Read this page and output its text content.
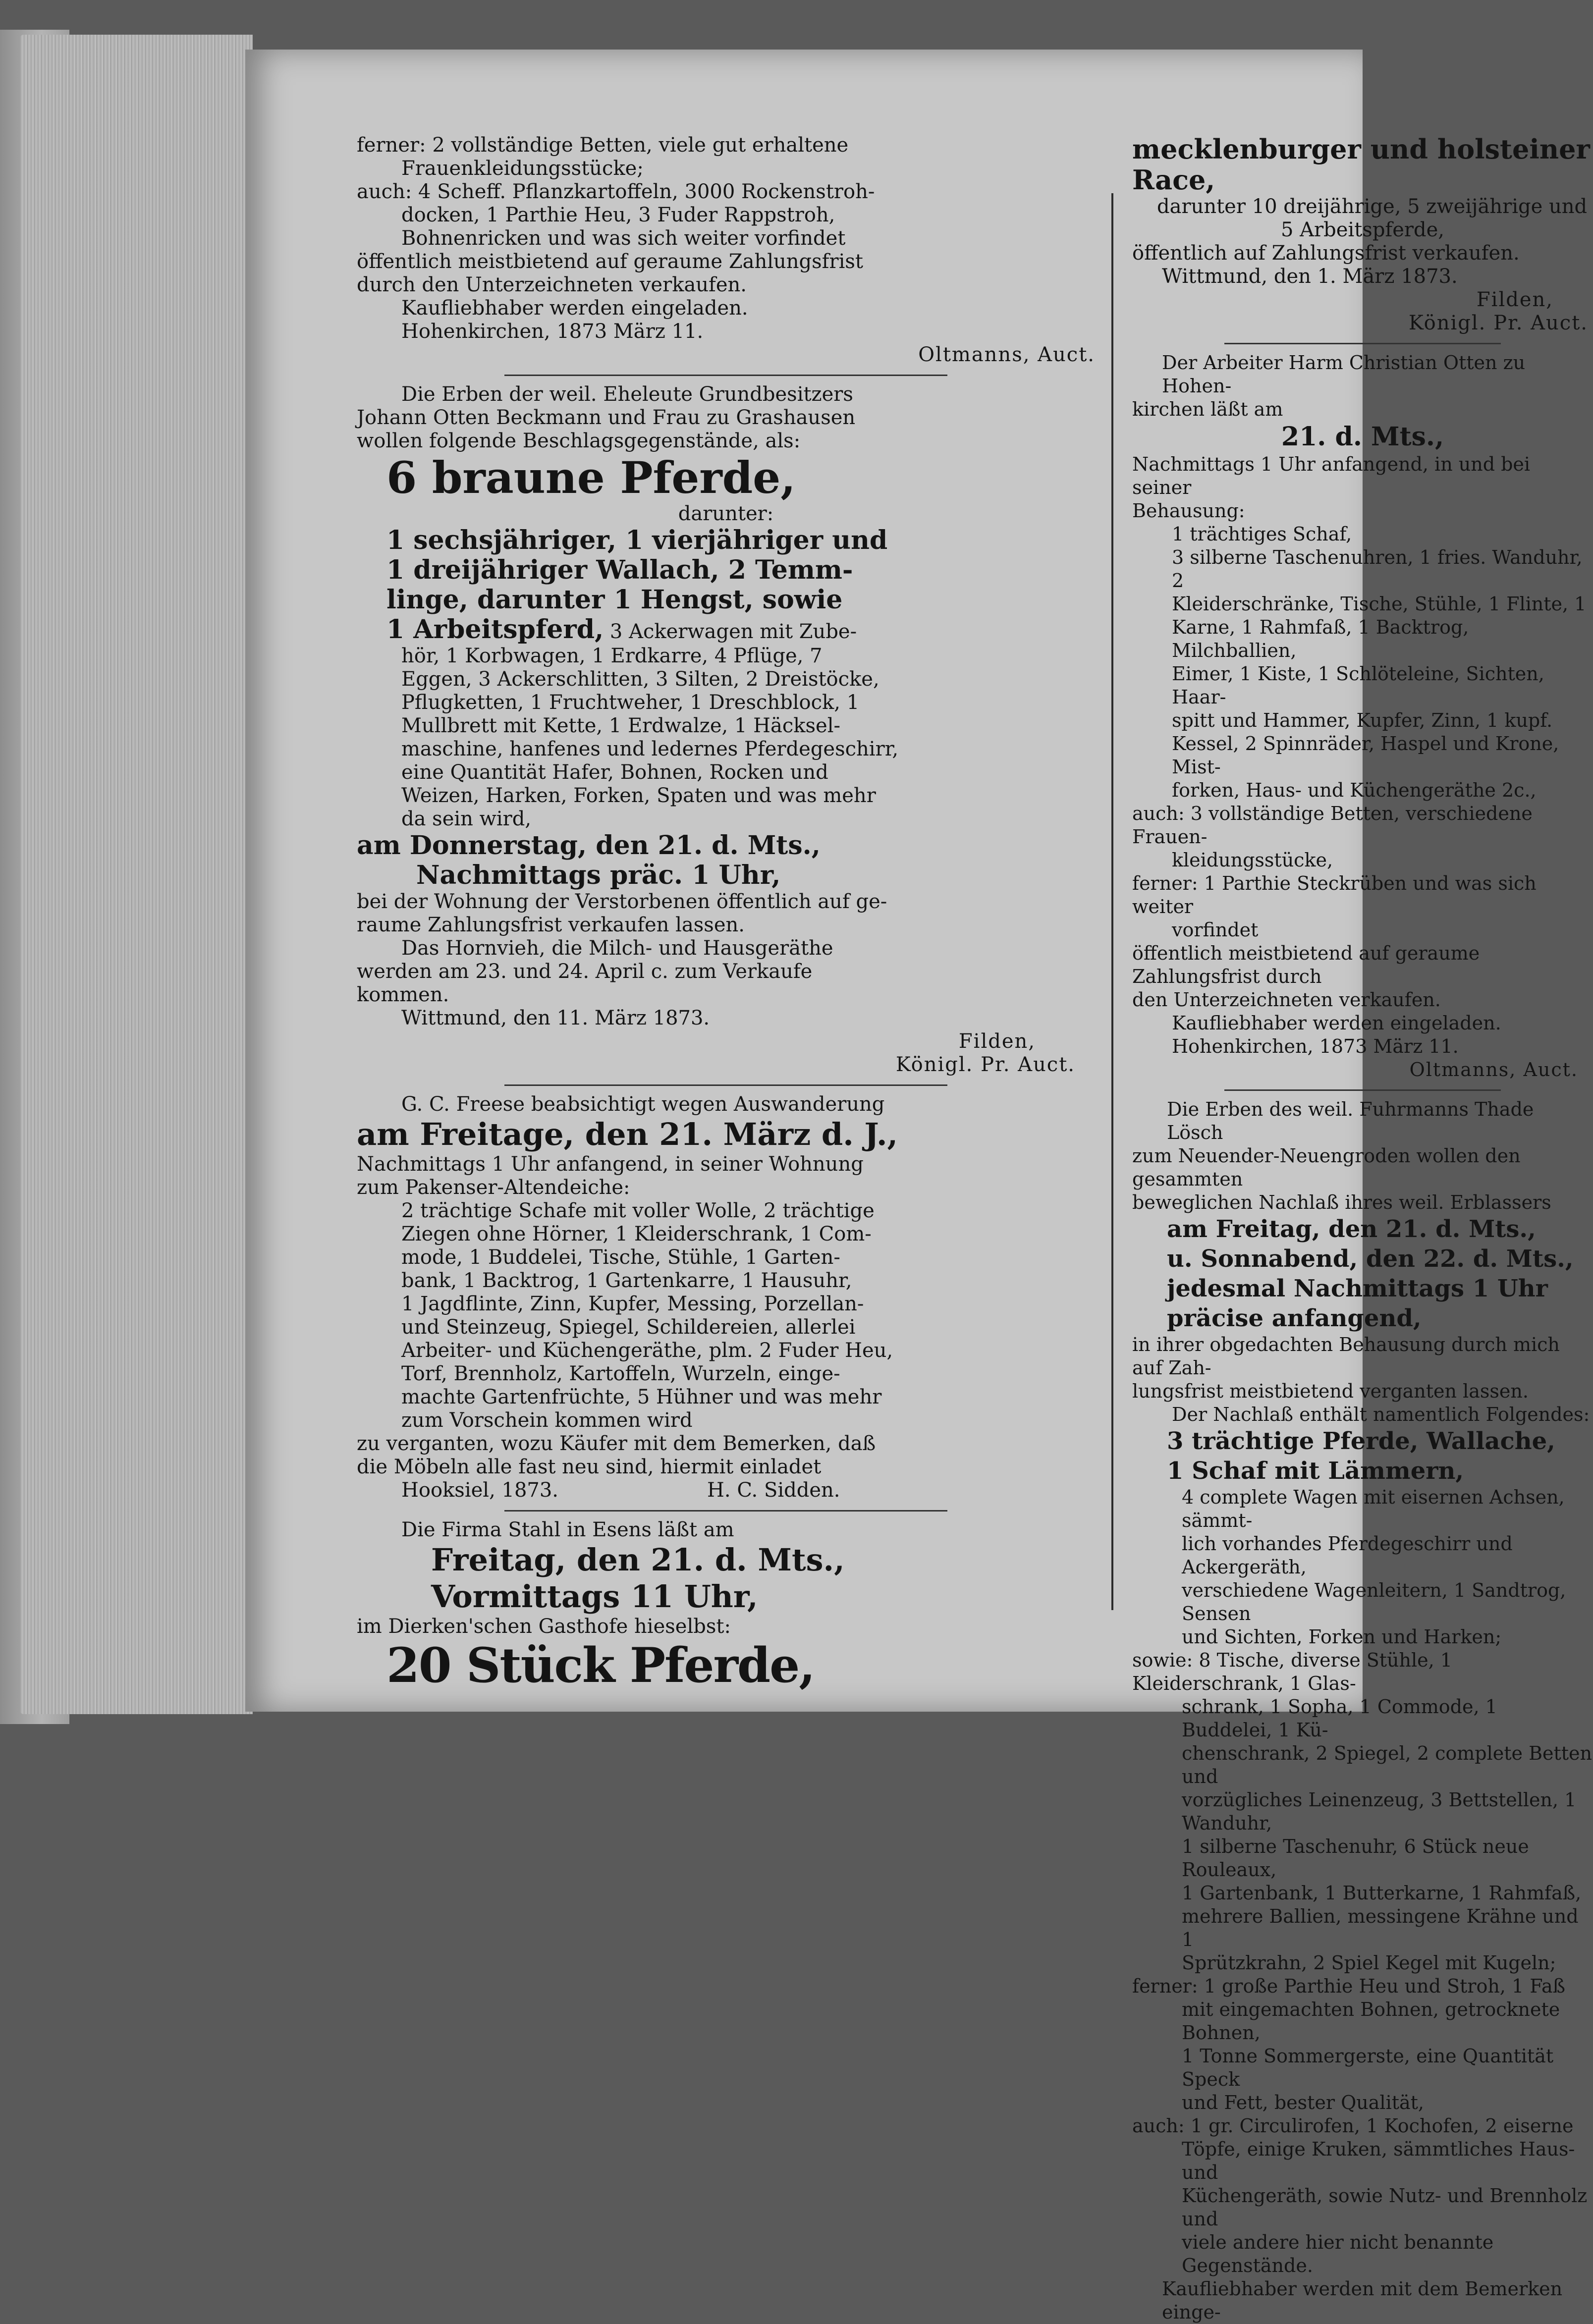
ferner: 2 vollständige Betten, viele gut erhaltene

Frauenkleidungsstücke;

auch: 4 Scheff. Pflanzkartoffeln, 3000 Rockenstroh-

docken, 1 Parthie Heu, 3 Fuder Rappstroh,

Bohnenricken und was sich weiter vorfindet

öffentlich meistbietend auf geraume Zahlungsfrist

durch den Unterzeichneten verkaufen.

Kaufliebhaber werden eingeladen.

Hohenkirchen, 1873 März 11.

Oltmanns, Auct.

Die Erben der weil. Eheleute Grundbesitzers

Johann Otten Beckmann und Frau zu Grashausen

wollen folgende Beschlagsgegenstände, als:

6 braune Pferde,

darunter:

1 sechsjähriger, 1 vierjähriger und

1 dreijähriger Wallach, 2 Temm-

linge, darunter 1 Hengst, sowie

1 Arbeitspferd, 3 Ackerwagen mit Zube-

hör, 1 Korbwagen, 1 Erdkarre, 4 Pflüge, 7

Eggen, 3 Ackerschlitten, 3 Silten, 2 Dreistöcke,

Pflugketten, 1 Fruchtweher, 1 Dreschblock, 1

Mullbrett mit Kette, 1 Erdwalze, 1 Häcksel-

maschine, hanfenes und ledernes Pferdegeschirr,

eine Quantität Hafer, Bohnen, Rocken und

Weizen, Harken, Forken, Spaten und was mehr

da sein wird,

am Donnerstag, den 21. d. Mts.,

Nachmittags präc. 1 Uhr,

bei der Wohnung der Verstorbenen öffentlich auf ge-

raume Zahlungsfrist verkaufen lassen.

Das Hornvieh, die Milch- und Hausgeräthe

werden am 23. und 24. April c. zum Verkaufe

kommen.

Wittmund, den 11. März 1873.

Filden,

Königl. Pr. Auct.

G. C. Freese beabsichtigt wegen Auswanderung

am Freitage, den 21. März d. J.,

Nachmittags 1 Uhr anfangend, in seiner Wohnung

zum Pakenser-Altendeiche:

2 trächtige Schafe mit voller Wolle, 2 trächtige

Ziegen ohne Hörner, 1 Kleiderschrank, 1 Com-

mode, 1 Buddelei, Tische, Stühle, 1 Garten-

bank, 1 Backtrog, 1 Gartenkarre, 1 Hausuhr,

1 Jagdflinte, Zinn, Kupfer, Messing, Porzellan-

und Steinzeug, Spiegel, Schildereien, allerlei

Arbeiter- und Küchengeräthe, plm. 2 Fuder Heu,

Torf, Brennholz, Kartoffeln, Wurzeln, einge-

machte Gartenfrüchte, 5 Hühner und was mehr

zum Vorschein kommen wird

zu verganten, wozu Käufer mit dem Bemerken, daß

die Möbeln alle fast neu sind, hiermit einladet

Hooksiel, 1873.	H. C. Sidden.

Die Firma Stahl in Esens läßt am

Freitag, den 21. d. Mts.,

Vormittags 11 Uhr,

im Dierken'schen Gasthofe hieselbst:

20 Stück Pferde,

mecklenburger und holsteiner Race,

darunter 10 dreijährige, 5 zweijährige und

5 Arbeitspferde,

öffentlich auf Zahlungsfrist verkaufen.

Wittmund, den 1. März 1873.

Filden,

Königl. Pr. Auct.

Der Arbeiter Harm Christian Otten zu Hohen-

kirchen läßt am

21. d. Mts.,

Nachmittags 1 Uhr anfangend, in und bei seiner

Behausung:

1 trächtiges Schaf,

3 silberne Taschenuhren, 1 fries. Wanduhr, 2

Kleiderschränke, Tische, Stühle, 1 Flinte, 1

Karne, 1 Rahmfaß, 1 Backtrog, Milchballien,

Eimer, 1 Kiste, 1 Schlöteleine, Sichten, Haar-

spitt und Hammer, Kupfer, Zinn, 1 kupf.

Kessel, 2 Spinnräder, Haspel und Krone, Mist-

forken, Haus- und Küchengeräthe 2c.,

auch: 3 vollständige Betten, verschiedene Frauen-

kleidungsstücke,

ferner: 1 Parthie Steckrüben und was sich weiter

vorfindet

öffentlich meistbietend auf geraume Zahlungsfrist durch

den Unterzeichneten verkaufen.

Kaufliebhaber werden eingeladen.

Hohenkirchen, 1873 März 11.

Oltmanns, Auct.

Die Erben des weil. Fuhrmanns Thade Lösch

zum Neuender-Neuengroden wollen den gesammten

beweglichen Nachlaß ihres weil. Erblassers

am Freitag, den 21. d. Mts.,

u. Sonnabend, den 22. d. Mts.,

jedesmal Nachmittags 1 Uhr

präcise anfangend,

in ihrer obgedachten Behausung durch mich auf Zah-

lungsfrist meistbietend verganten lassen.

Der Nachlaß enthält namentlich Folgendes:

3 trächtige Pferde, Wallache,

1 Schaf mit Lämmern,

4 complete Wagen mit eisernen Achsen, sämmt-

lich vorhandes Pferdegeschirr und Ackergeräth,

verschiedene Wagenleitern, 1 Sandtrog, Sensen

und Sichten, Forken und Harken;

sowie: 8 Tische, diverse Stühle, 1 Kleiderschrank, 1 Glas-

schrank, 1 Sopha, 1 Commode, 1 Buddelei, 1 Kü-

chenschrank, 2 Spiegel, 2 complete Betten und

vorzügliches Leinenzeug, 3 Bettstellen, 1 Wanduhr,

1 silberne Taschenuhr, 6 Stück neue Rouleaux,

1 Gartenbank, 1 Butterkarne, 1 Rahmfaß,

mehrere Ballien, messingene Krähne und 1

Sprützkrahn, 2 Spiel Kegel mit Kugeln;

ferner: 1 große Parthie Heu und Stroh, 1 Faß

mit eingemachten Bohnen, getrocknete Bohnen,

1 Tonne Sommergerste, eine Quantität Speck

und Fett, bester Qualität,

auch: 1 gr. Circulirofen, 1 Kochofen, 2 eiserne

Töpfe, einige Kruken, sämmtliches Haus- und

Küchengeräth, sowie Nutz- und Brennholz und

viele andere hier nicht benannte Gegenstände.

Kaufliebhaber werden mit dem Bemerken einge-
